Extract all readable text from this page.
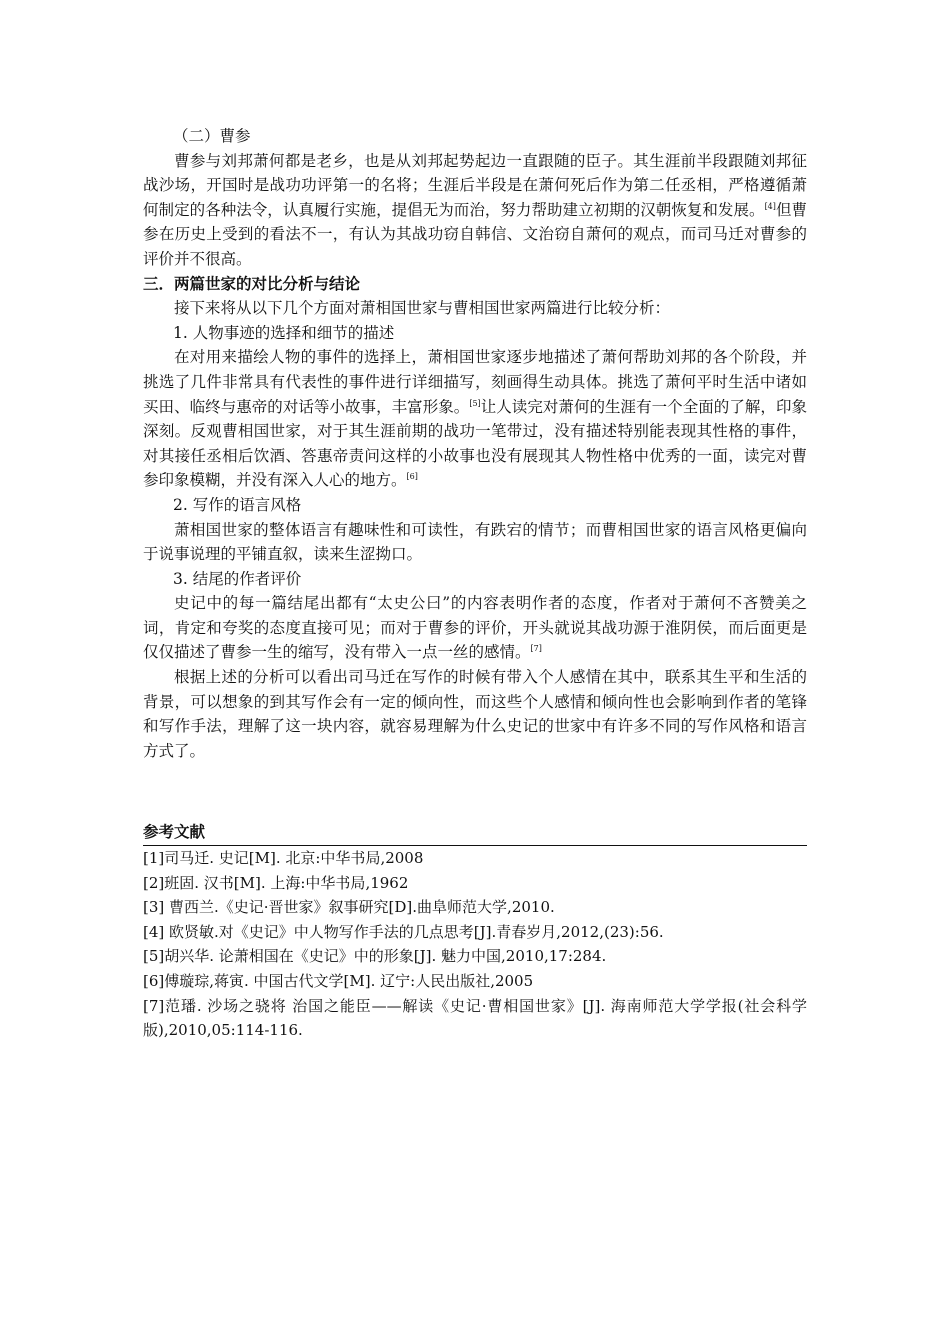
（二）曹参

曹参与刘邦萧何都是老乡，也是从刘邦起势起边一直跟随的臣子。其生涯前半段跟随刘邦征战沙场，开国时是战功功评第一的名将；生涯后半段是在萧何死后作为第二任丞相，严格遵循萧何制定的各种法令，认真履行实施，提倡无为而治，努力帮助建立初期的汉朝恢复和发展。[4]但曹参在历史上受到的看法不一，有认为其战功窃自韩信、文治窃自萧何的观点，而司马迁对曹参的评价并不很高。

三．两篇世家的对比分析与结论

接下来将从以下几个方面对萧相国世家与曹相国世家两篇进行比较分析：

1. 人物事迹的选择和细节的描述

在对用来描绘人物的事件的选择上，萧相国世家逐步地描述了萧何帮助刘邦的各个阶段，并挑选了几件非常具有代表性的事件进行详细描写，刻画得生动具体。挑选了萧何平时生活中诸如买田、临终与惠帝的对话等小故事，丰富形象。[5]让人读完对萧何的生涯有一个全面的了解，印象深刻。反观曹相国世家，对于其生涯前期的战功一笔带过，没有描述特别能表现其性格的事件，对其接任丞相后饮酒、答惠帝责问这样的小故事也没有展现其人物性格中优秀的一面，读完对曹参印象模糊，并没有深入人心的地方。[6]

2. 写作的语言风格

萧相国世家的整体语言有趣味性和可读性，有跌宕的情节；而曹相国世家的语言风格更偏向于说事说理的平铺直叙，读来生涩拗口。

3. 结尾的作者评价

史记中的每一篇结尾出都有“太史公曰”的内容表明作者的态度，作者对于萧何不吝赞美之词，肯定和夸奖的态度直接可见；而对于曹参的评价，开头就说其战功源于淮阴侯，而后面更是仅仅描述了曹参一生的缩写，没有带入一点一丝的感情。[7]

根据上述的分析可以看出司马迁在写作的时候有带入个人感情在其中，联系其生平和生活的背景，可以想象的到其写作会有一定的倾向性，而这些个人感情和倾向性也会影响到作者的笔锋和写作手法，理解了这一块内容，就容易理解为什么史记的世家中有许多不同的写作风格和语言方式了。

参考文献

[1]司马迁. 史记[M]. 北京:中华书局,2008

[2]班固. 汉书[M]. 上海:中华书局,1962

[3] 曹西兰.《史记·晋世家》叙事研究[D].曲阜师范大学,2010.

[4] 欧贤敏.对《史记》中人物写作手法的几点思考[J].青春岁月,2012,(23):56.

[5]胡兴华. 论萧相国在《史记》中的形象[J]. 魅力中国,2010,17:284.

[6]傅璇琮,蒋寅. 中国古代文学[M]. 辽宁:人民出版社,2005

[7]范璠. 沙场之骁将 治国之能臣——解读《史记·曹相国世家》[J]. 海南师范大学学报(社会科学版),2010,05:114-116.
